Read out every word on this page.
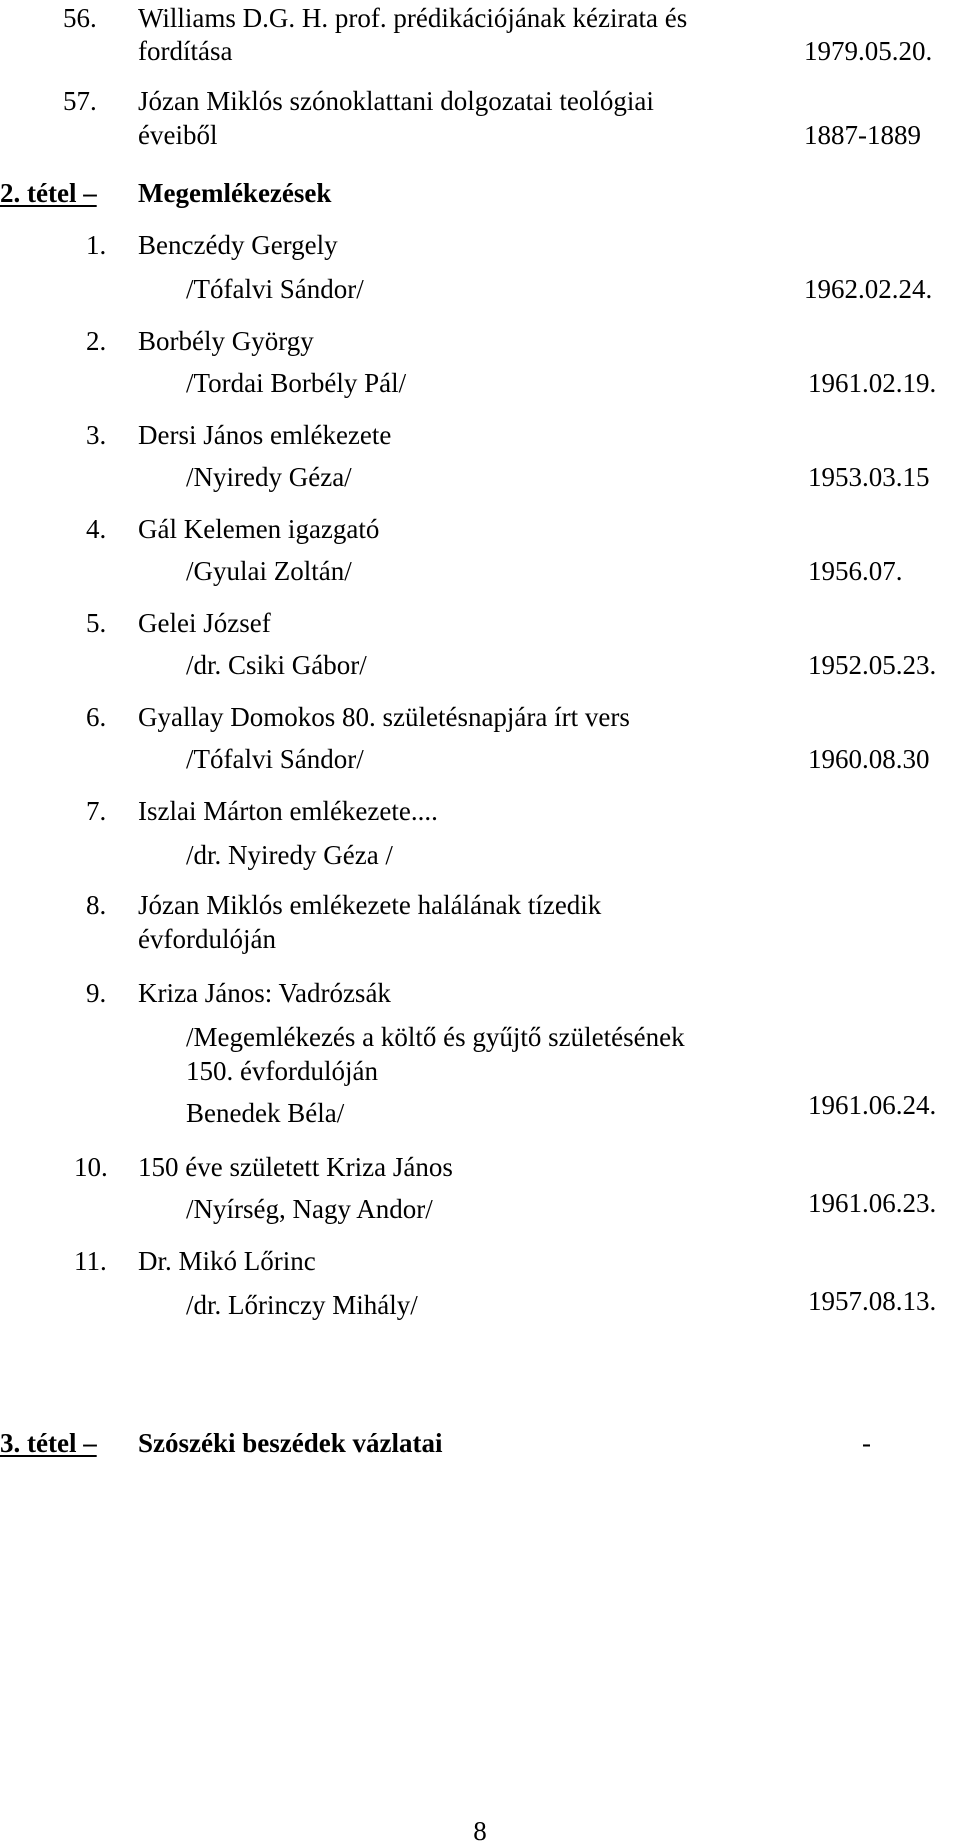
56. Williams D.G. H. prof. prédikációjának kézirata és
fordítása	1979.05.20.
57. Józan Miklós szónoklattani dolgozatai teológiai
éveiből	1887-1889
2. tétel – Megemlékezések
1. Benczédy Gergely
/Tófalvi Sándor/	1962.02.24.
2. Borbély György
/Tordai Borbély Pál/	1961.02.19.
3. Dersi János emlékezete
/Nyiredy Géza/	1953.03.15
4. Gál Kelemen igazgató
/Gyulai Zoltán/	1956.07.
5. Gelei József
/dr. Csiki Gábor/	1952.05.23.
6. Gyallay Domokos 80. születésnapjára írt vers
/Tófalvi Sándor/	1960.08.30
7. Iszlai Márton emlékezete....
/dr. Nyiredy Géza /
8. Józan Miklós emlékezete halálának tízedik
évfordulóján
9. Kriza János: Vadrózsák
/Megemlékezés a költő és gyűjtő születésének
150. évfordulóján
Benedek Béla/	1961.06.24.
10. 150 éve született Kriza János
/Nyírség, Nagy Andor/	1961.06.23.
11. Dr. Mikó Lőrinc
/dr. Lőrinczy Mihály/	1957.08.13.
3. tétel – Szószéki beszédek vázlatai	-
8
